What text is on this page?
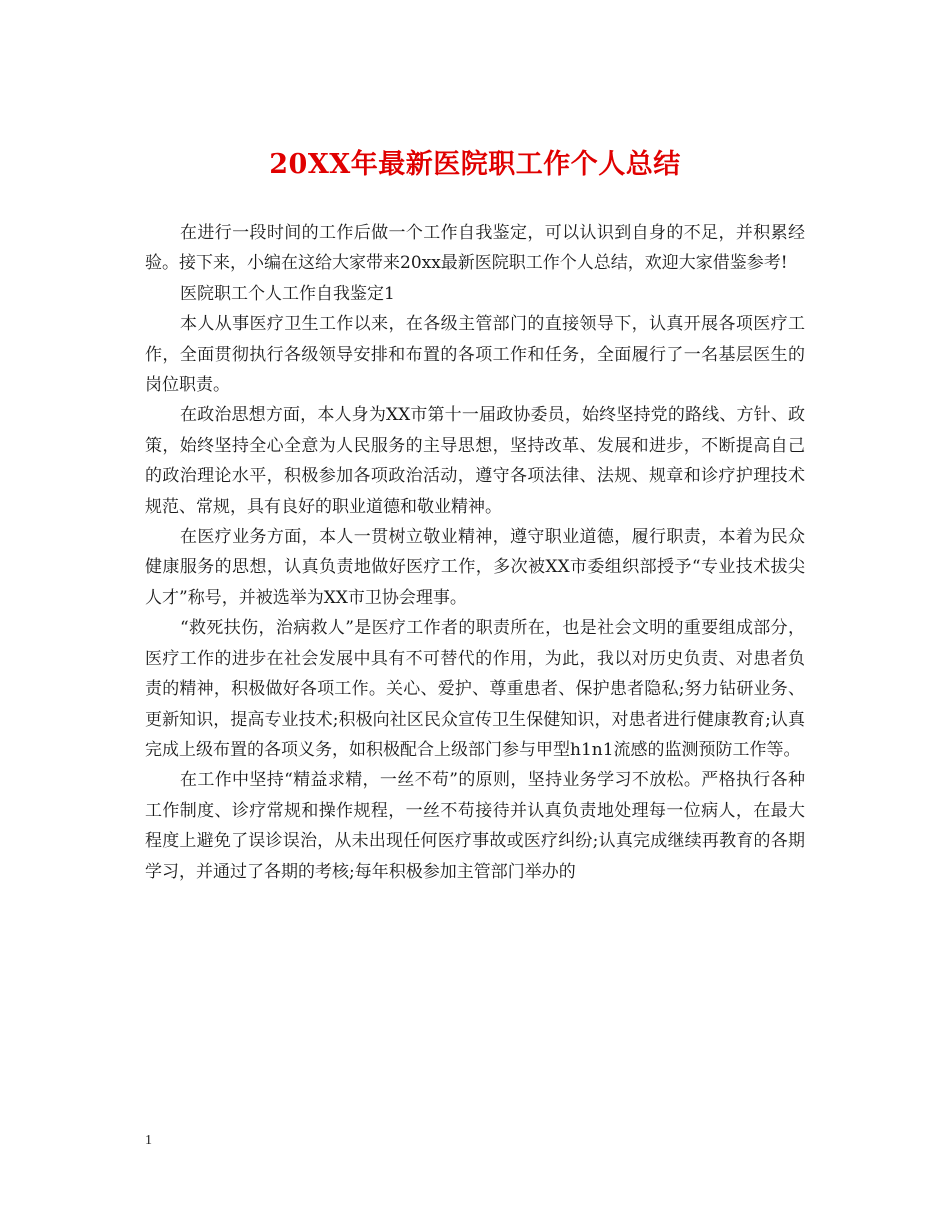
20XX年最新医院职工作个人总结

在进行一段时间的工作后做一个工作自我鉴定，可以认识到自身的不足，并积累经验。接下来，小编在这给大家带来20xx最新医院职工作个人总结，欢迎大家借鉴参考!

医院职工个人工作自我鉴定1

本人从事医疗卫生工作以来，在各级主管部门的直接领导下，认真开展各项医疗工作，全面贯彻执行各级领导安排和布置的各项工作和任务，全面履行了一名基层医生的岗位职责。

在政治思想方面，本人身为XX市第十一届政协委员，始终坚持党的路线、方针、政策，始终坚持全心全意为人民服务的主导思想，坚持改革、发展和进步，不断提高自己的政治理论水平，积极参加各项政治活动，遵守各项法律、法规、规章和诊疗护理技术规范、常规，具有良好的职业道德和敬业精神。

在医疗业务方面，本人一贯树立敬业精神，遵守职业道德，履行职责，本着为民众健康服务的思想，认真负责地做好医疗工作，多次被XX市委组织部授予“专业技术拔尖人才”称号，并被选举为XX市卫协会理事。

“救死扶伤，治病救人”是医疗工作者的职责所在，也是社会文明的重要组成部分，医疗工作的进步在社会发展中具有不可替代的作用，为此，我以对历史负责、对患者负责的精神，积极做好各项工作。关心、爱护、尊重患者、保护患者隐私;努力钻研业务、更新知识，提高专业技术;积极向社区民众宣传卫生保健知识，对患者进行健康教育;认真完成上级布置的各项义务，如积极配合上级部门参与甲型h1n1流感的监测预防工作等。

在工作中坚持“精益求精，一丝不苟”的原则，坚持业务学习不放松。严格执行各种工作制度、诊疗常规和操作规程，一丝不苟接待并认真负责地处理每一位病人，在最大程度上避免了误诊误治，从未出现任何医疗事故或医疗纠纷;认真完成继续再教育的各期学习，并通过了各期的考核;每年积极参加主管部门举办的

1
